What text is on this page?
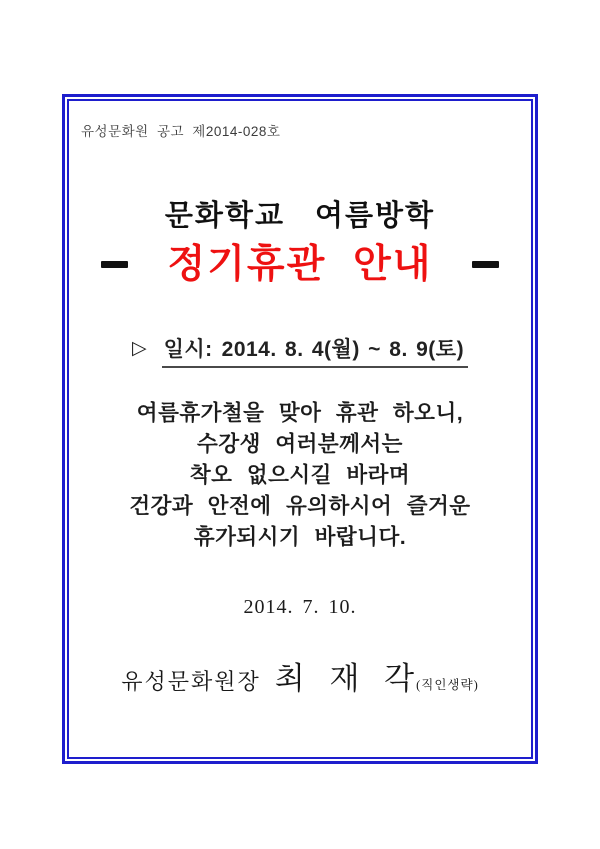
유성문화원 공고 제2014-028호
문화학교 여름방학
정기휴관 안내
▷ 일시: 2014. 8. 4(월) ~ 8. 9(토)
여름휴가철을 맞아 휴관 하오니,
수강생 여러분께서는
착오 없으시길 바라며
건강과 안전에 유의하시어 즐거운
휴가되시기 바랍니다.
2014. 7. 10.
유성문화원장 최 재 각 (직인생략)
